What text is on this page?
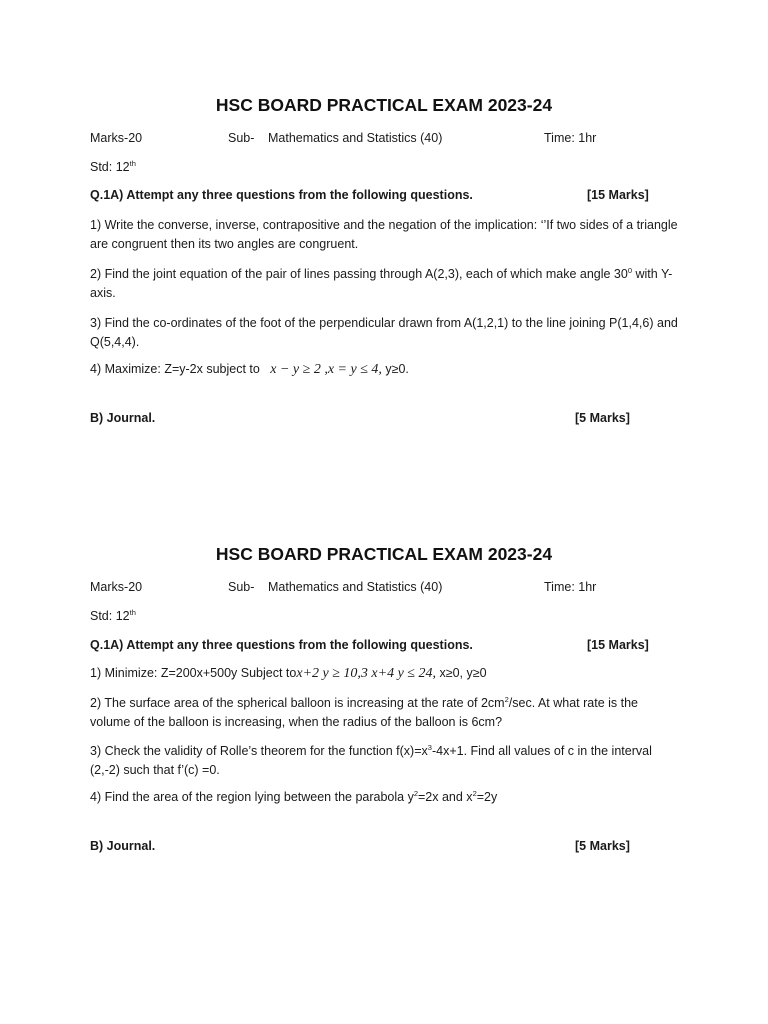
HSC BOARD PRACTICAL EXAM 2023-24
Marks-20	Sub- Mathematics and Statistics (40)	Time: 1hr
Std: 12th
Q.1A) Attempt any three questions from the following questions.	[15 Marks]
1) Write the converse, inverse, contrapositive and the negation of the implication: ‘’If two sides of a triangle are congruent then its two angles are congruent.
2) Find the joint equation of the pair of lines passing through A(2,3), each of which make angle $30^0$ with Y-axis.
3) Find the co-ordinates of the foot of the perpendicular drawn from A(1,2,1) to the line joining P(1,4,6) and Q(5,4,4).
4) Maximize: Z=y-2x subject to x − y ≥ 2 ,x = y ≤ 4, y≥0.
B) Journal.	[5 Marks]
HSC BOARD PRACTICAL EXAM 2023-24
Marks-20	Sub- Mathematics and Statistics (40)	Time: 1hr
Std: 12th
Q.1A) Attempt any three questions from the following questions.	[15 Marks]
1) Minimize: Z=200x+500y Subject tox+2 y ≥ 10,3 x+4 y ≤ 24, x≥0, y≥0
2) The surface area of the spherical balloon is increasing at the rate of $2cm^2/\sec$. At what rate is the volume of the balloon is increasing, when the radius of the balloon is 6cm?
3) Check the validity of Rolle’s theorem for the function $f(x)=x^3-4x+1$. Find all values of c in the interval (2,-2) such that f’(c) =0.
4) Find the area of the region lying between the parabola $y^2=2x$ and $x^2=2y$
B) Journal.	[5 Marks]
